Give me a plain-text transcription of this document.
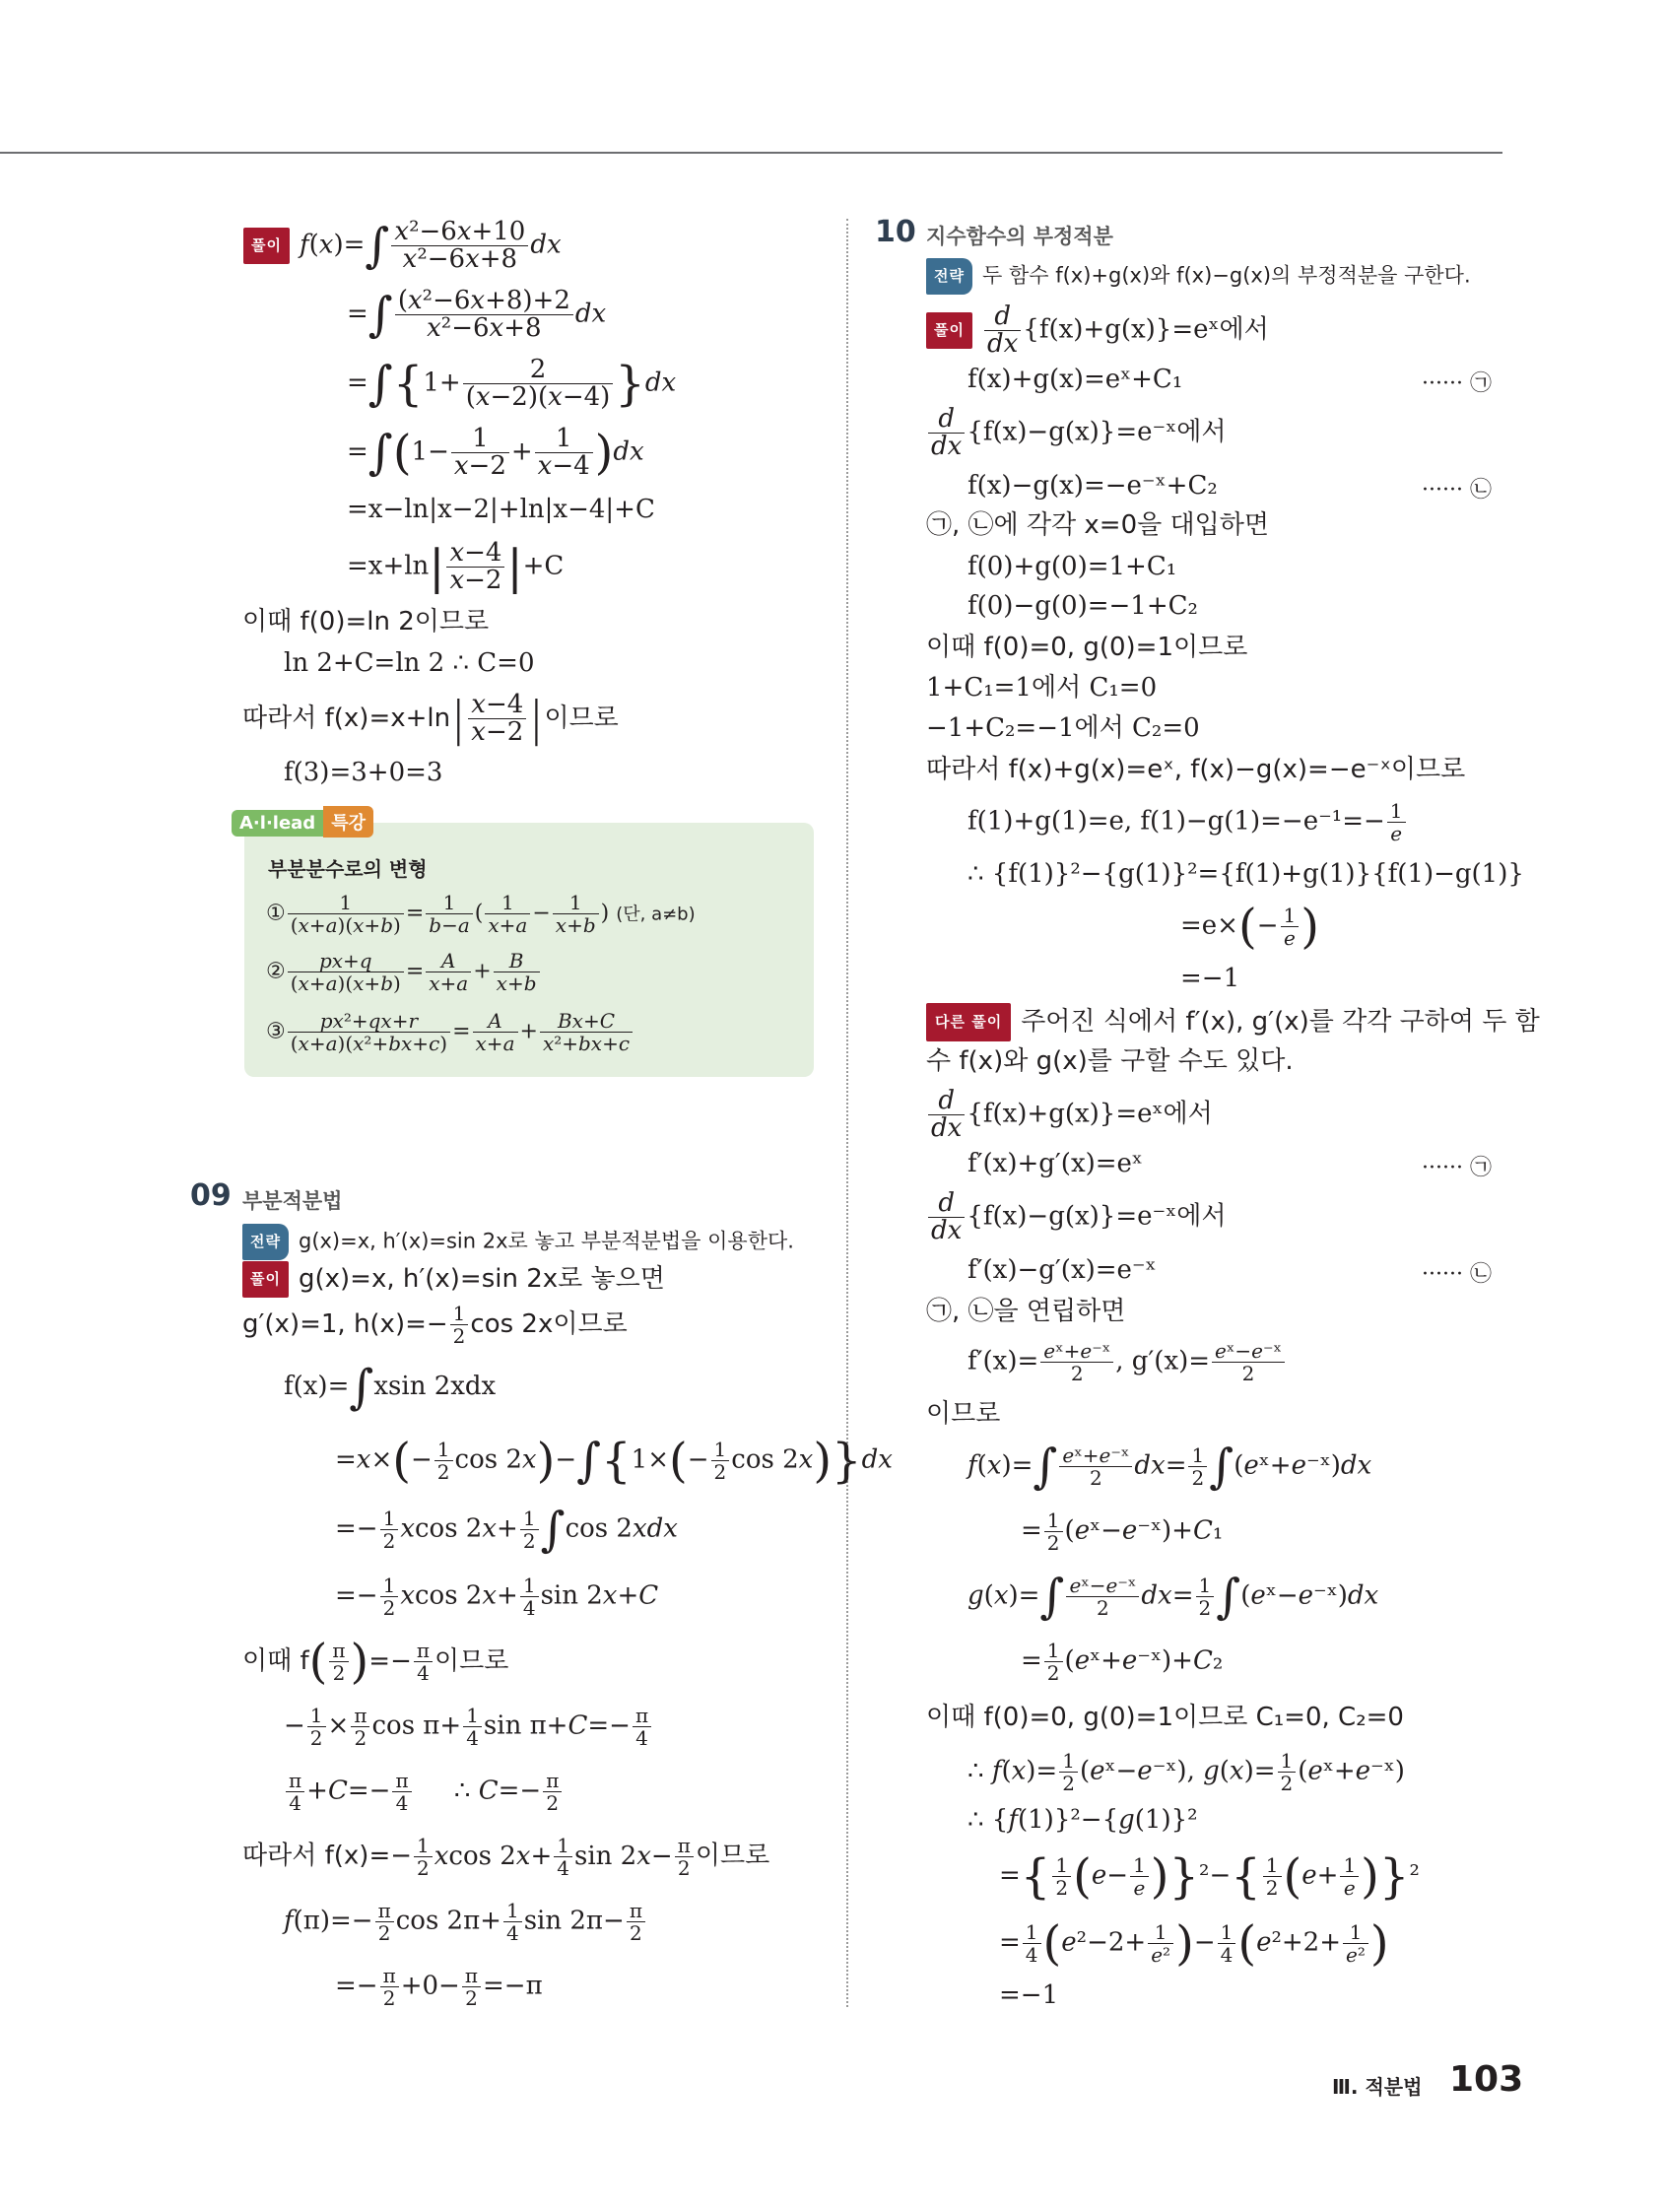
풀이 $f(x)=\int \frac{\text{x²−6x+10}}{\text{x²−6x+8}}$ dx
=∫ $\frac{\text{(x²−6x+8)+2}}{\text{x²−6x+8}}$ dx
$=\int\{1+ \frac{2}{(x-2)(x-4)} \}dx$
$=\int(1- \frac{1}{x-2} + \frac{1}{x-4} )dx$
=x−ln|x−2|+ln|x−4|+C
$=x+\ln| \frac{x-4}{x-2} |+C$
이때 f(0)=ln 2이므로
ln 2+C=ln 2 ∴ C=0
따라서 $f(x)=x+\ln| \frac{x-4}{x-2}$ |이므로
f(3)=3+0=3
A·l·lead 특강
부분분수로의 변형
① $\frac{1}{(x+a)(x+b)} = \frac{1}{b-a}$ ( $\frac{1}{x+a} - \frac{1}{x+b}$ ) (단, a≠b)
② $\frac{px+q}{(x+a)(x+b)} = \frac{A}{x+a} + \frac{B}{x+b}$
③ $\frac{\text{px²+qx+r}}{\text{(x+a)(x²+bx+c)}} = \frac{A}{x+a} + \frac{Bx+C}{\text{x²+bx+c}}$
09 부분적분법
전략 g(x)=x, h′(x)=sin 2x로 놓고 부분적분법을 이용한다.
풀이 g(x)=x, h′(x)=sin 2x로 놓으면
g′(x)=1, $h(x)=- \frac{1}{2}$ cos 2x이므로
f(x)=∫xsin 2xdx
$=x\times(- \frac{1}{2}$ $\cos 2x)-\int\{1\times(- \frac{1}{2}$ cos 2x)}dx
=− $\frac{1}{2}$ xcos $2x+ \frac{1}{2} \int\cos$ 2xdx
=− $\frac{1}{2}$ xcos $2x+ \frac{1}{4}$ sin 2x+C
이때 $f( \frac{\pi}{2}$ )=− $\frac{\pi}{4}$ 이므로
− $\frac{1}{2} \times \frac{\pi}{2}$ $\cos \pi+ \frac{1}{4}$ $\sin \pi+C=- \frac{\pi}{4}$
$\frac{\pi}{4} +C=- \frac{\pi}{4}$ ∴ $C=- \frac{\pi}{2}$
따라서 $f(x)=- \frac{1}{2}$ xcos $2x+ \frac{1}{4}$ $\sin 2x- \frac{\pi}{2}$ 이므로
$f(\pi)=- \frac{\pi}{2}$ $\cos 2\pi+ \frac{1}{4}$ $\sin 2\pi- \frac{\pi}{2}$
=− $\frac{\pi}{2} +0- \frac{\pi}{2} =-\pi$
10 지수함수의 부정적분
전략 두 함수 f(x)+g(x)와 f(x)−g(x)의 부정적분을 구한다.
풀이 $\frac{d}{dx}$ {f(x)+g(x)}=eˣ에서
f(x)+g(x)=eˣ+C₁	······ ㉠
$\frac{d}{dx}$ {f(x)−g(x)}=e⁻ˣ에서
f(x)−g(x)=−e⁻ˣ+C₂	······ ㉡
㉠, ㉡에 각각 x=0을 대입하면
f(0)+g(0)=1+C₁
f(0)−g(0)=−1+C₂
이때 f(0)=0, g(0)=1이므로
1+C₁=1에서 C₁=0
−1+C₂=−1에서 C₂=0
따라서 f(x)+g(x)=eˣ, f(x)−g(x)=−e⁻ˣ이므로
f(1)+g(1)=e, $f(1)-g(1)=-e^{-1}=- \frac{1}{e}$
∴ {f(1)}²−{g(1)}²={f(1)+g(1)}{f(1)−g(1)}
$=e\times(- \frac{1}{e}$ )
=−1
다른 풀이 주어진 식에서 f′(x), g′(x)를 각각 구하여 두 함
수 f(x)와 g(x)를 구할 수도 있다.
$\frac{d}{dx}$ {f(x)+g(x)}=eˣ에서
f′(x)+g′(x)=eˣ	······ ㉠
$\frac{d}{dx}$ {f(x)−g(x)}=e⁻ˣ에서
f′(x)−g′(x)=e⁻ˣ	······ ㉡
㉠, ㉡을 연립하면
$f'(x)= \frac{\text{eˣ+e⁻ˣ}}{2}$ , $g'(x)= \frac{\text{eˣ−e⁻ˣ}}{2}$
이므로
$f(x)=\int \frac{\text{eˣ+e⁻ˣ}}{2} dx= \frac{1}{2}$ ∫(eˣ+e⁻ˣ)dx
= $\frac{1}{2}$ (eˣ−e⁻ˣ)+C₁
$g(x)=\int \frac{\text{eˣ−e⁻ˣ}}{2} dx= \frac{1}{2}$ ∫(eˣ−e⁻ˣ)dx
= $\frac{1}{2}$ (eˣ+e⁻ˣ)+C₂
이때 f(0)=0, g(0)=1이므로 C₁=0, C₂=0
∴ $f(x)= \frac{1}{2}$ (eˣ−e⁻ˣ), $g(x)= \frac{1}{2}$ (eˣ+e⁻ˣ)
∴ {f(1)}²−{g(1)}²
={ $\frac{1}{2} (e- \frac{1}{e} )\}^2-\{ \frac{1}{2} (e+ \frac{1}{e} )\}^2$
= $\frac{1}{4} (e^2-2+ \frac{1}{\text{e²}}$ )− $\frac{1}{4} (e^2+2+ \frac{1}{\text{e²}}$ )
=−1
Ⅲ. 적분법 103
